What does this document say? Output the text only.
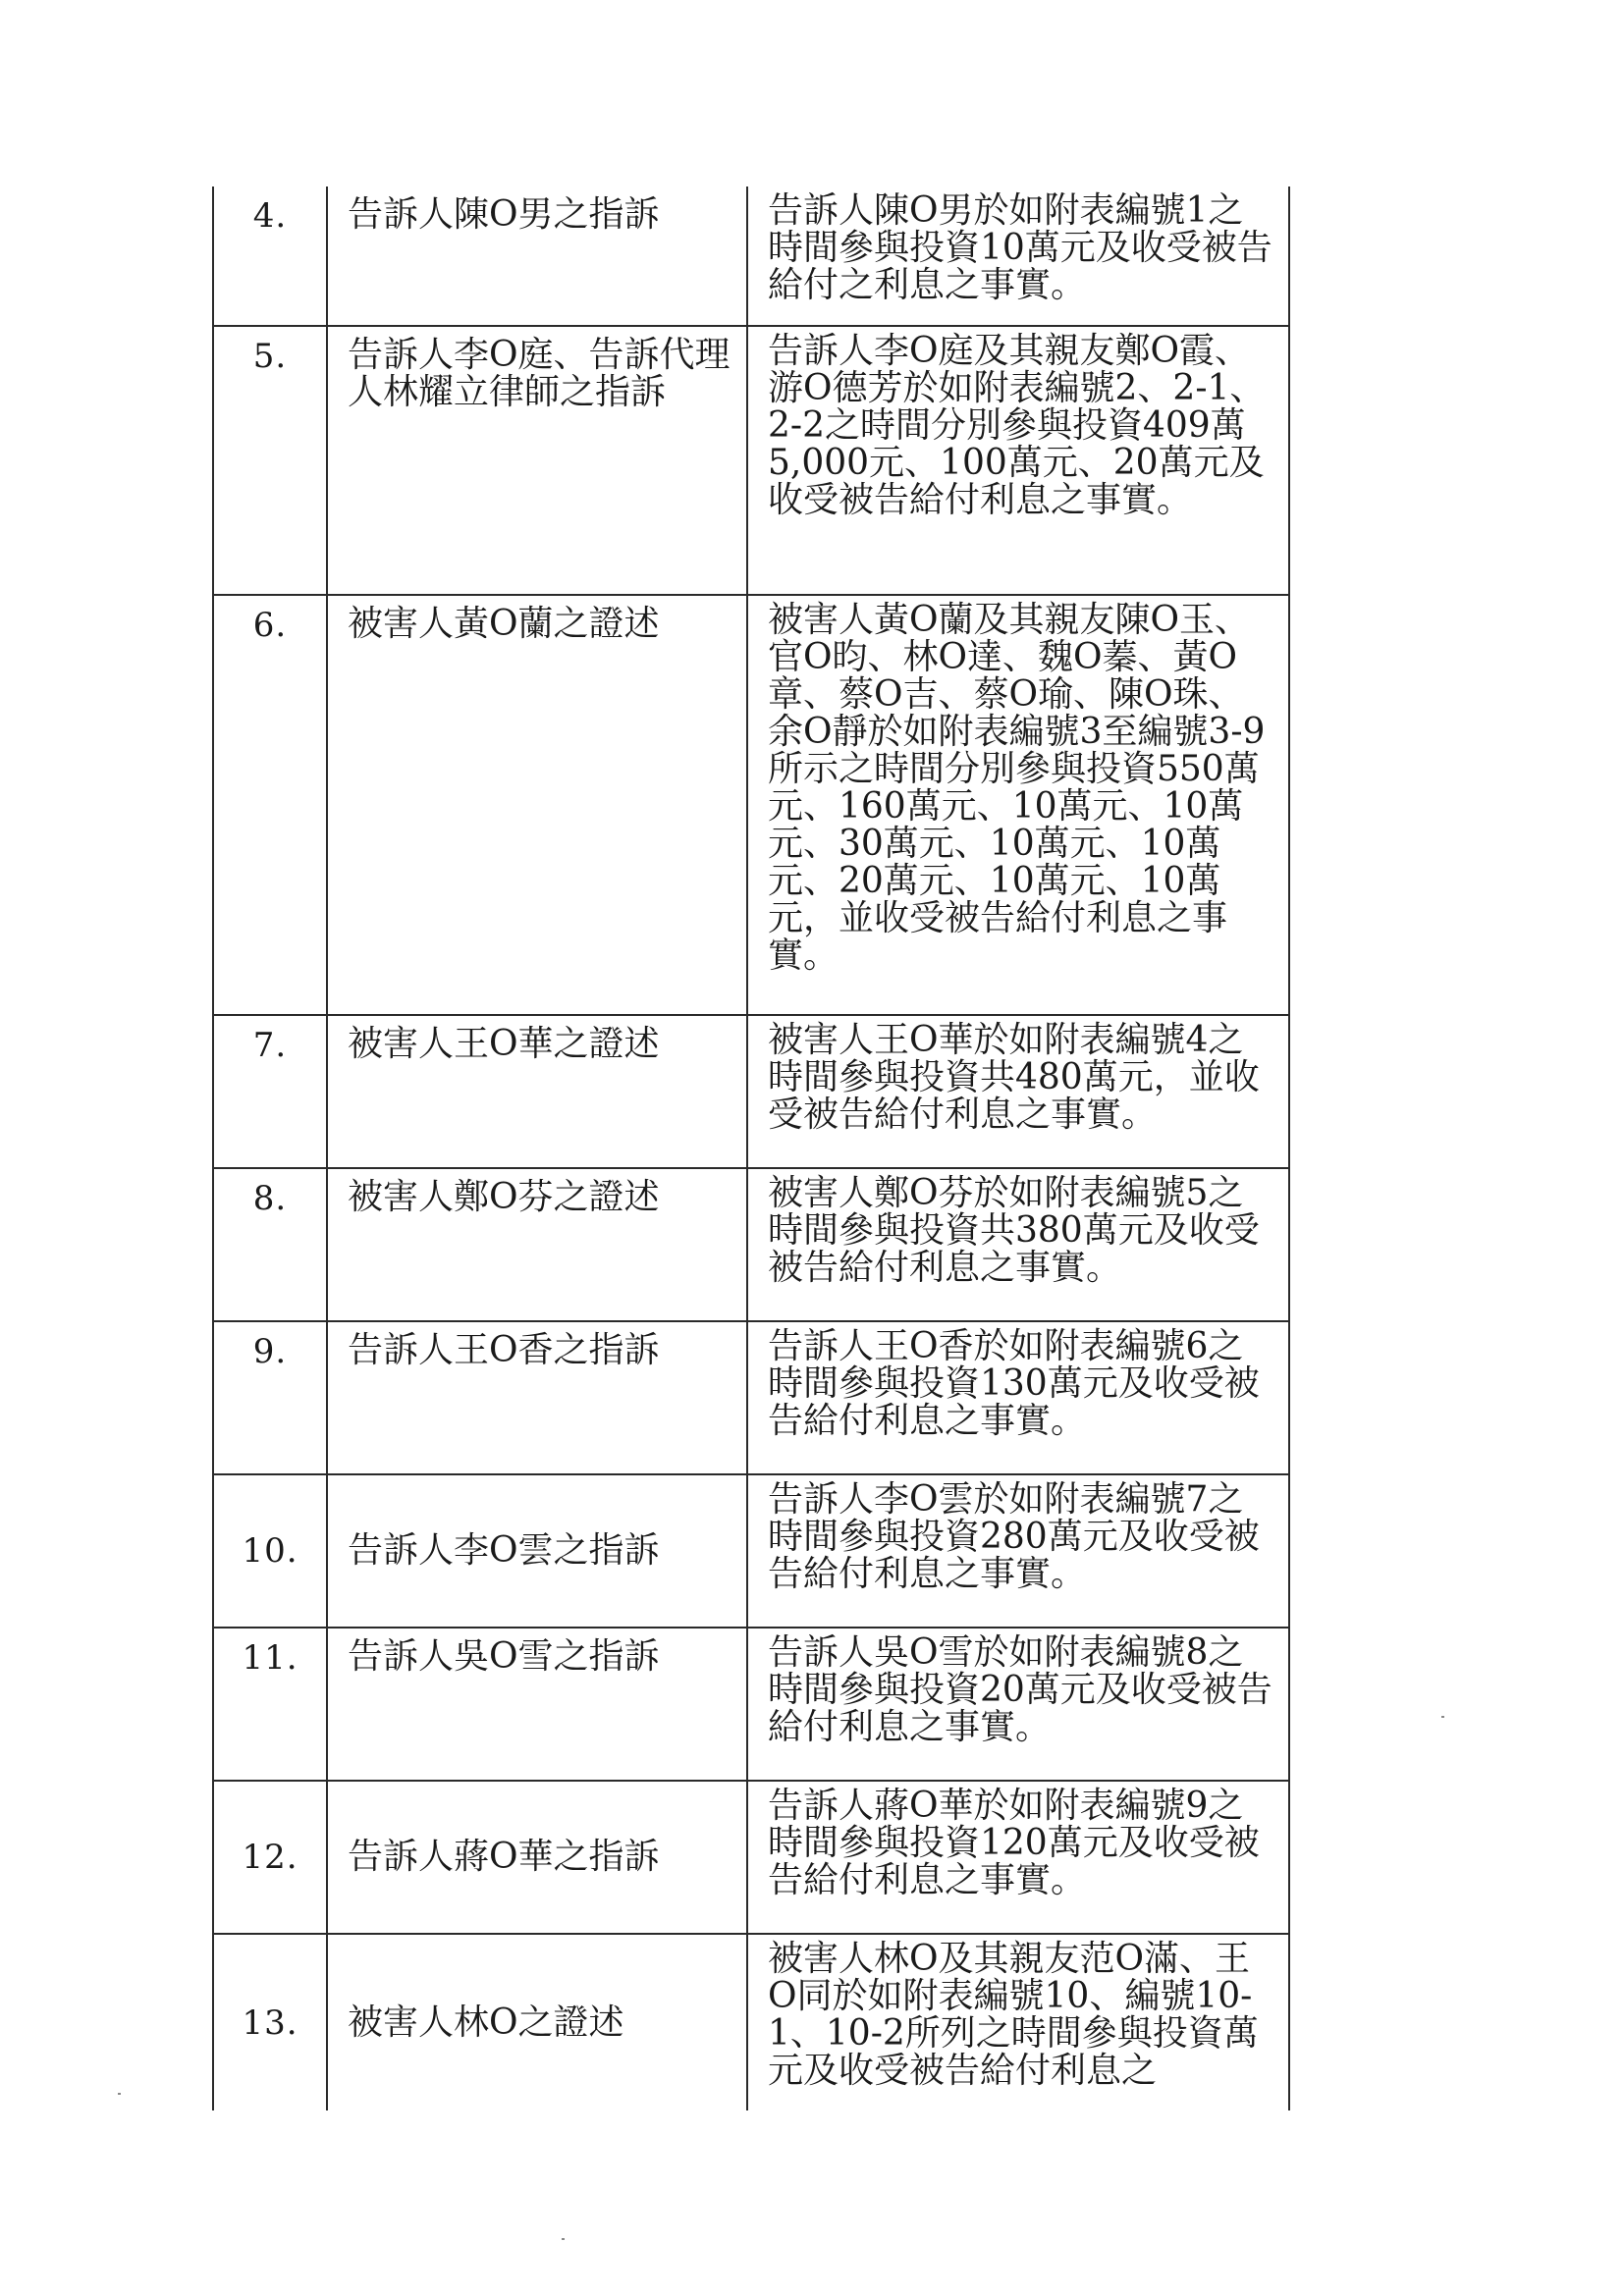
4.	告訴人陳O男之指訴	告訴人陳O男於如附表編號1之時間參與投資10萬元及收受被告給付之利息之事實。
5.	告訴人李O庭、告訴代理人林耀立律師之指訴	告訴人李O庭及其親友鄭O霞、游O德芳於如附表編號2、2-1、2-2之時間分別參與投資409萬5,000元、100萬元、20萬元及收受被告給付利息之事實。
6.	被害人黃O蘭之證述	被害人黃O蘭及其親友陳O玉、官O昀、林O達、魏O蓁、黃O章、蔡O吉、蔡O瑜、陳O珠、余O靜於如附表編號3至編號3-9所示之時間分別參與投資550萬元、160萬元、10萬元、10萬元、30萬元、10萬元、10萬元、20萬元、10萬元、10萬元，並收受被告給付利息之事實。
7.	被害人王O華之證述	被害人王O華於如附表編號4之時間參與投資共480萬元，並收受被告給付利息之事實。
8.	被害人鄭O芬之證述	被害人鄭O芬於如附表編號5之時間參與投資共380萬元及收受被告給付利息之事實。
9.	告訴人王O香之指訴	告訴人王O香於如附表編號6之時間參與投資130萬元及收受被告給付利息之事實。
10.	告訴人李O雲之指訴	告訴人李O雲於如附表編號7之時間參與投資280萬元及收受被告給付利息之事實。
11.	告訴人吳O雪之指訴	告訴人吳O雪於如附表編號8之時間參與投資20萬元及收受被告給付利息之事實。
12.	告訴人蔣O華之指訴	告訴人蔣O華於如附表編號9之時間參與投資120萬元及收受被告給付利息之事實。
13.	被害人林O之證述	被害人林O及其親友范O滿、王O同於如附表編號10、編號10-1、10-2所列之時間參與投資萬元及收受被告給付利息之
